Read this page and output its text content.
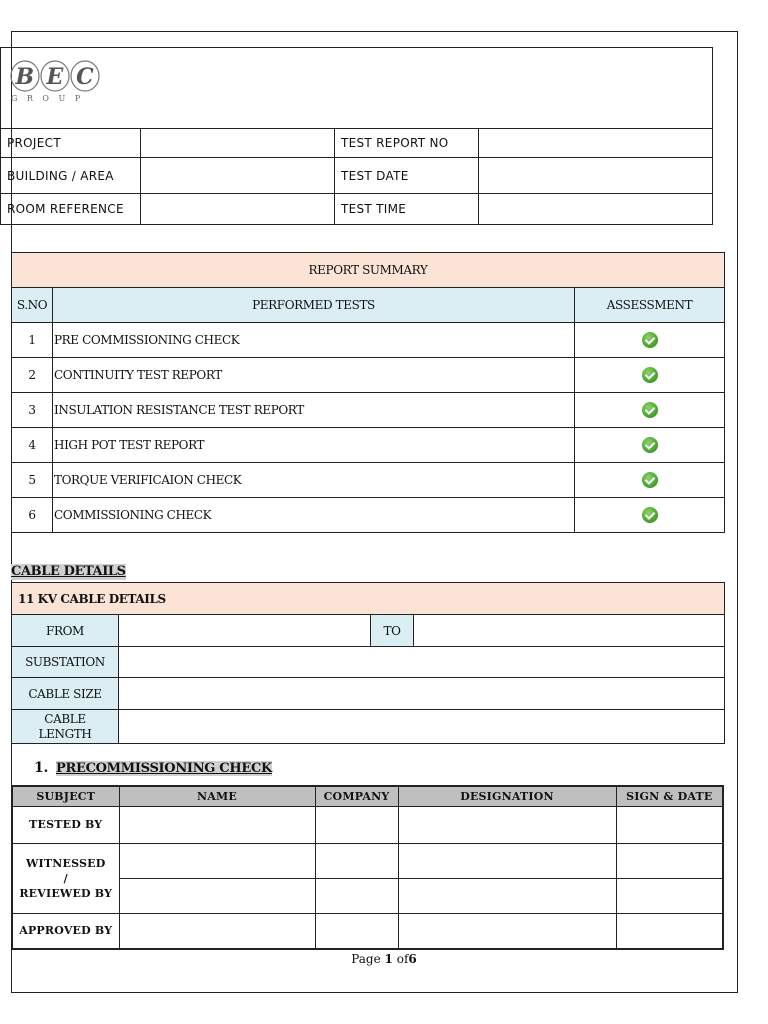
B E C
GROUP			

PROJECT		TEST REPORT NO	
BUILDING / AREA		TEST DATE	
ROOM REFERENCE		TEST TIME	
REPORT SUMMARY		
S.NO	PERFORMED TESTS	ASSESSMENT
1	PRE COMMISSIONING CHECK	
2	CONTINUITY TEST REPORT	
3	INSULATION RESISTANCE TEST REPORT	
4	HIGH POT TEST REPORT	
5	TORQUE VERIFICAION CHECK	
6	COMMISSIONING CHECK	
CABLE DETAILS
11 KV CABLE DETAILS			
FROM		TO	
SUBSTATION			
CABLE SIZE			
CABLE
LENGTH			
1. PRECOMMISSIONING CHECK
SUBJECT	NAME	COMPANY	DESIGNATION	SIGN & DATE
TESTED BY				
WITNESSED
/
REVIEWED BY				

APPROVED BY				
Page 1 of6
